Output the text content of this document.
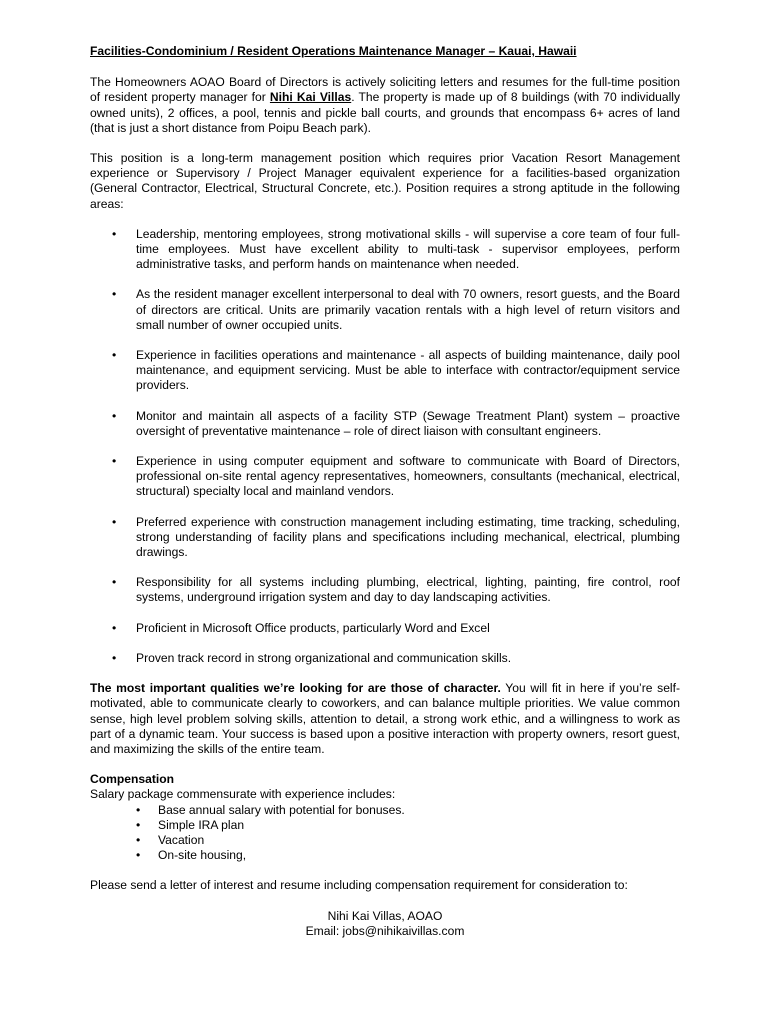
Facilities-Condominium / Resident Operations Maintenance Manager – Kauai, Hawaii

The Homeowners AOAO Board of Directors is actively soliciting letters and resumes for the full-time position of resident property manager for Nihi Kai Villas. The property is made up of 8 buildings (with 70 individually owned units), 2 offices, a pool, tennis and pickle ball courts, and grounds that encompass 6+ acres of land (that is just a short distance from Poipu Beach park).

This position is a long-term management position which requires prior Vacation Resort Management experience or Supervisory / Project Manager equivalent experience for a facilities-based organization (General Contractor, Electrical, Structural Concrete, etc.). Position requires a strong aptitude in the following areas:

• Leadership, mentoring employees, strong motivational skills - will supervise a core team of four full-time employees. Must have excellent ability to multi-task - supervisor employees, perform administrative tasks, and perform hands on maintenance when needed.
• As the resident manager excellent interpersonal to deal with 70 owners, resort guests, and the Board of directors are critical. Units are primarily vacation rentals with a high level of return visitors and small number of owner occupied units.
• Experience in facilities operations and maintenance - all aspects of building maintenance, daily pool maintenance, and equipment servicing. Must be able to interface with contractor/equipment service providers.
• Monitor and maintain all aspects of a facility STP (Sewage Treatment Plant) system – proactive oversight of preventative maintenance – role of direct liaison with consultant engineers.
• Experience in using computer equipment and software to communicate with Board of Directors, professional on-site rental agency representatives, homeowners, consultants (mechanical, electrical, structural) specialty local and mainland vendors.
• Preferred experience with construction management including estimating, time tracking, scheduling, strong understanding of facility plans and specifications including mechanical, electrical, plumbing drawings.
• Responsibility for all systems including plumbing, electrical, lighting, painting, fire control, roof systems, underground irrigation system and day to day landscaping activities.
• Proficient in Microsoft Office products, particularly Word and Excel
• Proven track record in strong organizational and communication skills.

The most important qualities we’re looking for are those of character. You will fit in here if you’re self-motivated, able to communicate clearly to coworkers, and can balance multiple priorities. We value common sense, high level problem solving skills, attention to detail, a strong work ethic, and a willingness to work as part of a dynamic team. Your success is based upon a positive interaction with property owners, resort guest, and maximizing the skills of the entire team.

Compensation

Salary package commensurate with experience includes:

• Base annual salary with potential for bonuses.
• Simple IRA plan
• Vacation
• On-site housing,

Please send a letter of interest and resume including compensation requirement for consideration to:

Nihi Kai Villas, AOAO
Email: jobs@nihikaivillas.com
